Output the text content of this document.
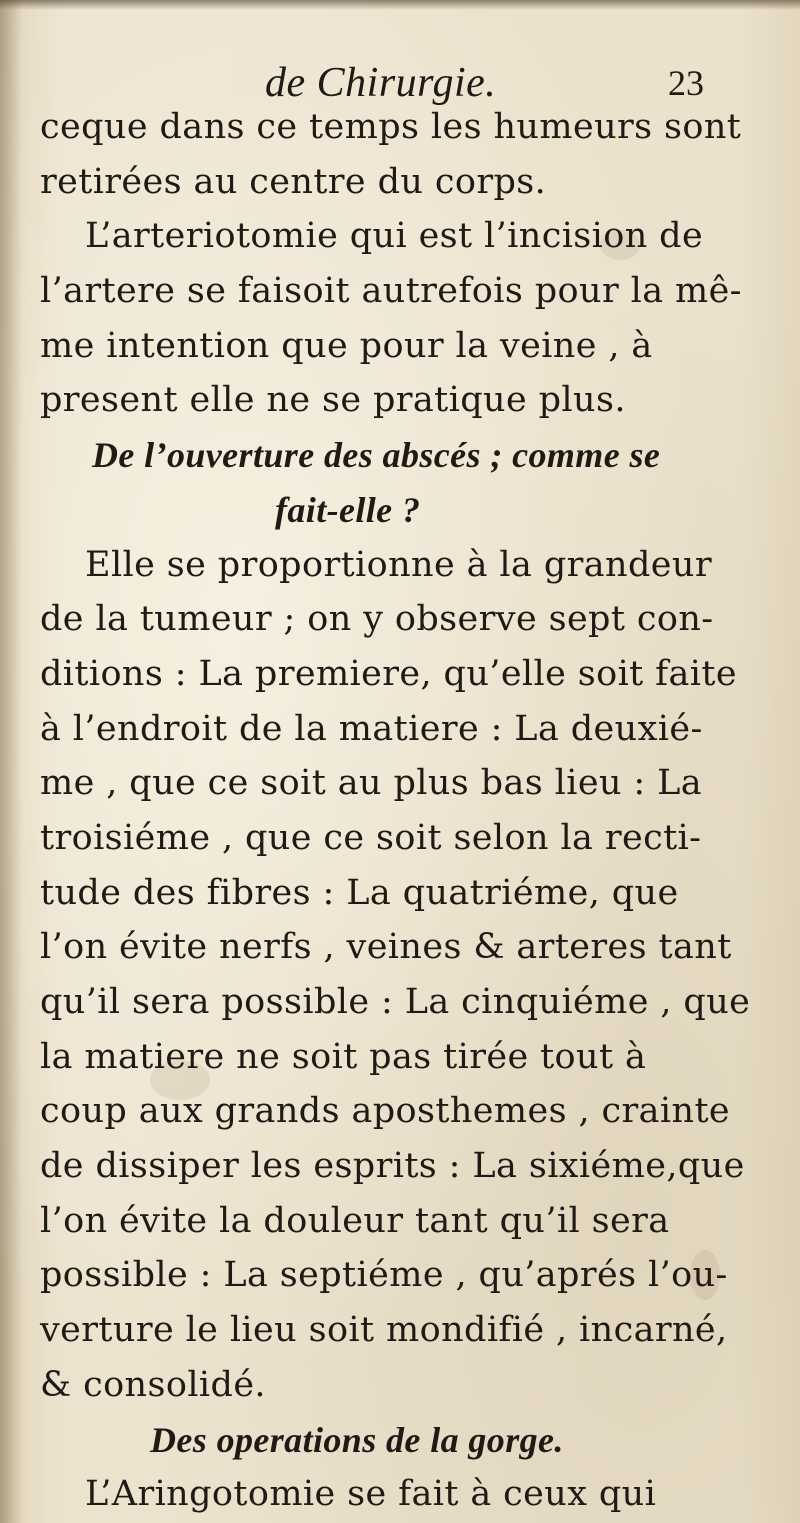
de Chirurgie.	23
ceque dans ce temps les humeurs sont
retirées au centre du corps.
L’arteriotomie qui est l’incision de
l’artere se faisoit autrefois pour la mê-
me intention que pour la veine , à
present elle ne se pratique plus.
De l’ouverture des abscés ; comme se
fait-elle ?
Elle se proportionne à la grandeur
de la tumeur ; on y observe sept con-
ditions : La premiere, qu’elle soit faite
à l’endroit de la matiere : La deuxié-
me , que ce soit au plus bas lieu : La
troisiéme , que ce soit selon la recti-
tude des fibres : La quatriéme, que
l’on évite nerfs , veines & arteres tant
qu’il sera possible : La cinquiéme , que
la matiere ne soit pas tirée tout à
coup aux grands aposthemes , crainte
de dissiper les esprits : La sixiéme,que
l’on évite la douleur tant qu’il sera
possible : La septiéme , qu’aprés l’ou-
verture le lieu soit mondifié , incarné,
& consolidé.
Des operations de la gorge.
L’Aringotomie se fait à ceux qui
